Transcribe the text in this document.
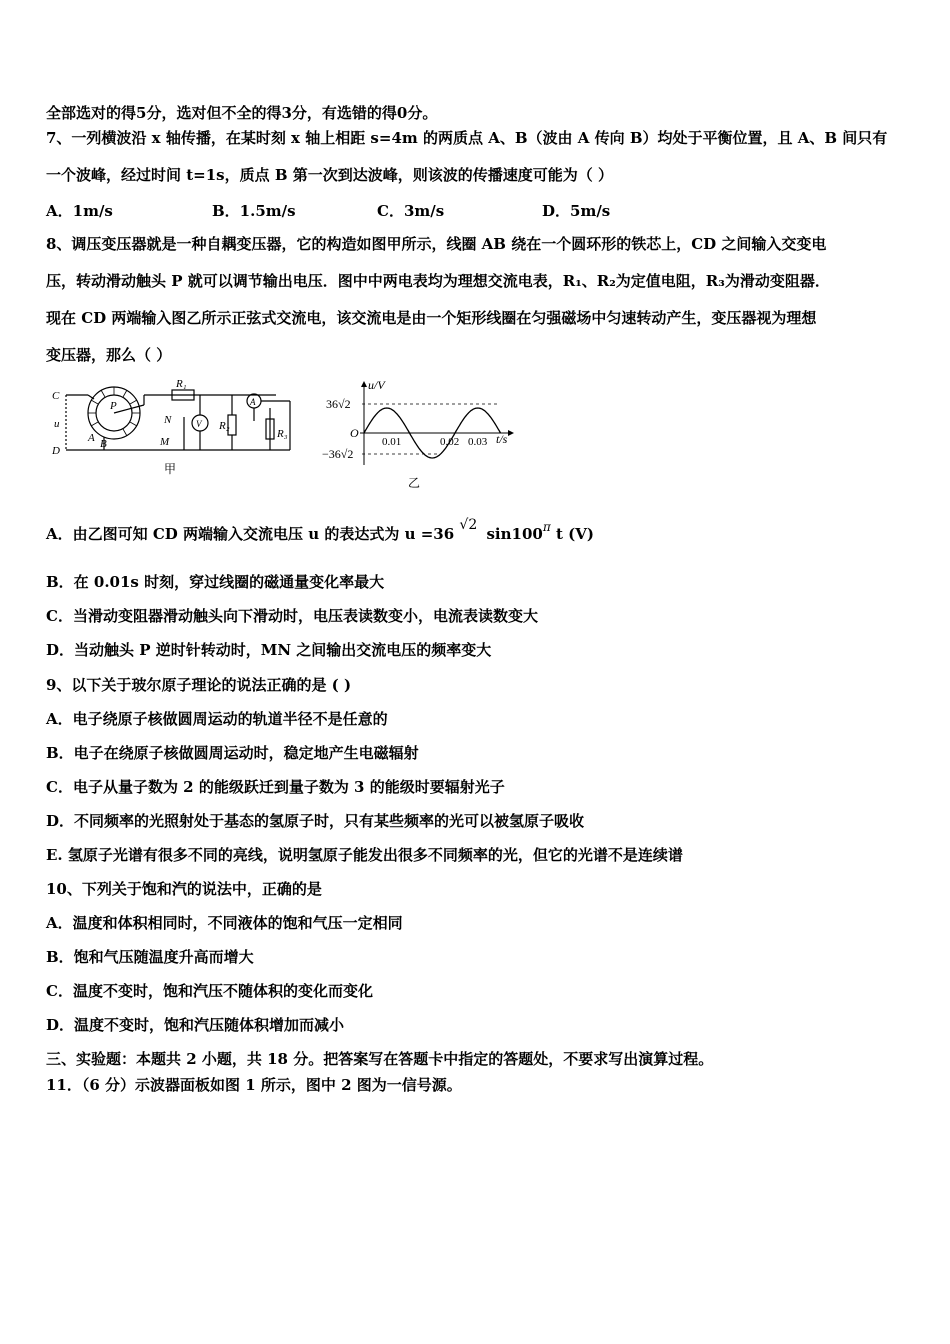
全部选对的得5分，选对但不全的得3分，有选错的得0分。
7、一列横波沿 x 轴传播，在某时刻 x 轴上相距 s=4m 的两质点 A、B（波由 A 传向 B）均处于平衡位置，且 A、B 间只有
一个波峰，经过时间 t=1s，质点 B 第一次到达波峰，则该波的传播速度可能为（ ）
A．1m/s	B．1.5m/s	C．3m/s	D．5m/s
8、调压变压器就是一种自耦变压器，它的构造如图甲所示，线圈 AB 绕在一个圆环形的铁芯上，CD 之间输入交变电
压，转动滑动触头 P 就可以调节输出电压．图中中两电表均为理想交流电表，R₁、R₂为定值电阻，R₃为滑动变阻器．
现在 CD 两端输入图乙所示正弦式交流电，该交流电是由一个矩形线圈在匀强磁场中匀速转动产生，变压器视为理想
变压器，那么（ ）
C
u
D
A B
P
N
M
R₁
V R₂
A
R₃
甲
u/V
36√2
O
−36√2
0.01	0.02 0.03 t/s
乙
A．由乙图可知 CD 两端输入交流电压 u 的表达式为 u =36 √2 $\sin 100^\pi$ t (V)
B．在 0.01s 时刻，穿过线圈的磁通量变化率最大
C．当滑动变阻器滑动触头向下滑动时，电压表读数变小，电流表读数变大
D．当动触头 P 逆时针转动时，MN 之间输出交流电压的频率变大
9、以下关于玻尔原子理论的说法正确的是 ( )
A．电子绕原子核做圆周运动的轨道半径不是任意的
B．电子在绕原子核做圆周运动时，稳定地产生电磁辐射
C．电子从量子数为 2 的能级跃迁到量子数为 3 的能级时要辐射光子
D．不同频率的光照射处于基态的氢原子时，只有某些频率的光可以被氢原子吸收
E. 氢原子光谱有很多不同的亮线，说明氢原子能发出很多不同频率的光，但它的光谱不是连续谱
10、下列关于饱和汽的说法中，正确的是
A．温度和体积相同时，不同液体的饱和气压一定相同
B．饱和气压随温度升高而增大
C．温度不变时，饱和汽压不随体积的变化而变化
D．温度不变时，饱和汽压随体积增加而减小
三、实验题：本题共 2 小题，共 18 分。把答案写在答题卡中指定的答题处，不要求写出演算过程。
11．（6 分）示波器面板如图 1 所示，图中 2 图为一信号源。
